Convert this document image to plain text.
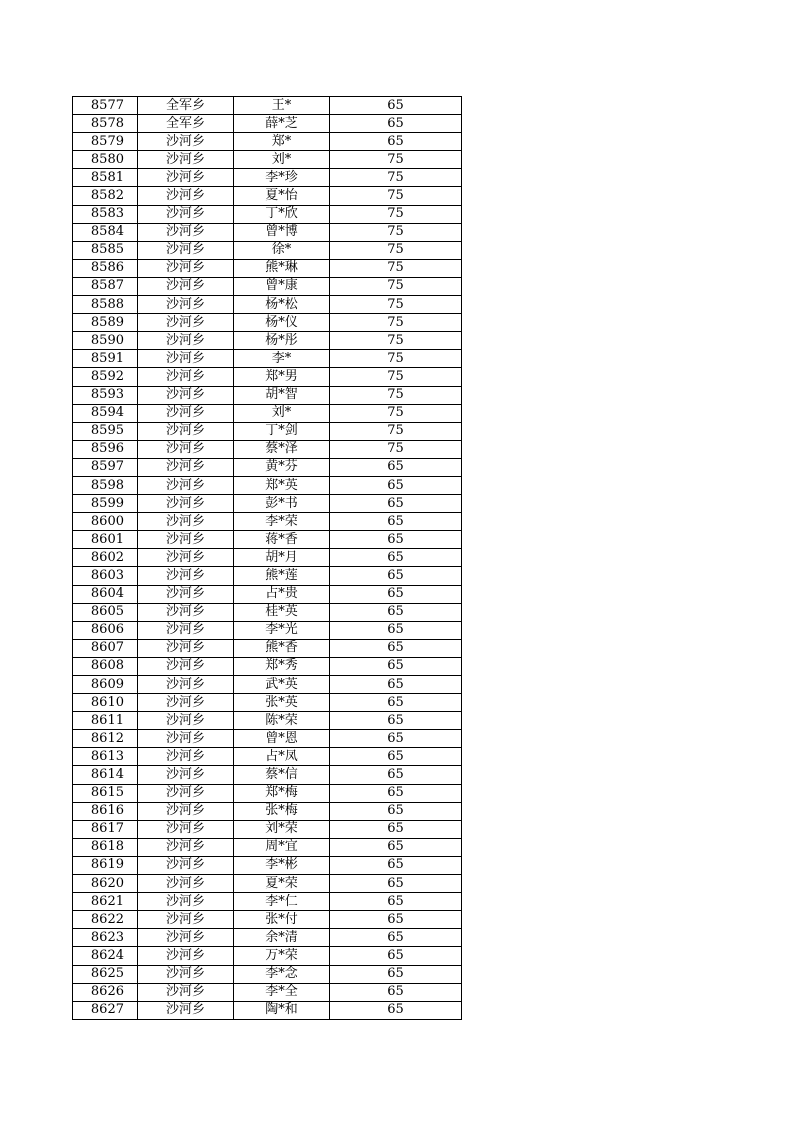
8577	全军乡	王*	65
8578	全军乡	薛*芝	65
8579	沙河乡	郑*	65
8580	沙河乡	刘*	75
8581	沙河乡	李*珍	75
8582	沙河乡	夏*怡	75
8583	沙河乡	丁*欣	75
8584	沙河乡	曾*博	75
8585	沙河乡	徐*	75
8586	沙河乡	熊*琳	75
8587	沙河乡	曾*康	75
8588	沙河乡	杨*松	75
8589	沙河乡	杨*仪	75
8590	沙河乡	杨*彤	75
8591	沙河乡	李*	75
8592	沙河乡	郑*男	75
8593	沙河乡	胡*智	75
8594	沙河乡	刘*	75
8595	沙河乡	丁*剑	75
8596	沙河乡	蔡*泽	75
8597	沙河乡	黄*芬	65
8598	沙河乡	郑*英	65
8599	沙河乡	彭*书	65
8600	沙河乡	李*荣	65
8601	沙河乡	蒋*香	65
8602	沙河乡	胡*月	65
8603	沙河乡	熊*莲	65
8604	沙河乡	占*贵	65
8605	沙河乡	桂*英	65
8606	沙河乡	李*光	65
8607	沙河乡	熊*香	65
8608	沙河乡	郑*秀	65
8609	沙河乡	武*英	65
8610	沙河乡	张*英	65
8611	沙河乡	陈*荣	65
8612	沙河乡	曾*恩	65
8613	沙河乡	占*凤	65
8614	沙河乡	蔡*信	65
8615	沙河乡	郑*梅	65
8616	沙河乡	张*梅	65
8617	沙河乡	刘*荣	65
8618	沙河乡	周*宜	65
8619	沙河乡	李*彬	65
8620	沙河乡	夏*荣	65
8621	沙河乡	李*仁	65
8622	沙河乡	张*付	65
8623	沙河乡	余*清	65
8624	沙河乡	万*荣	65
8625	沙河乡	李*念	65
8626	沙河乡	李*全	65
8627	沙河乡	陶*和	65
